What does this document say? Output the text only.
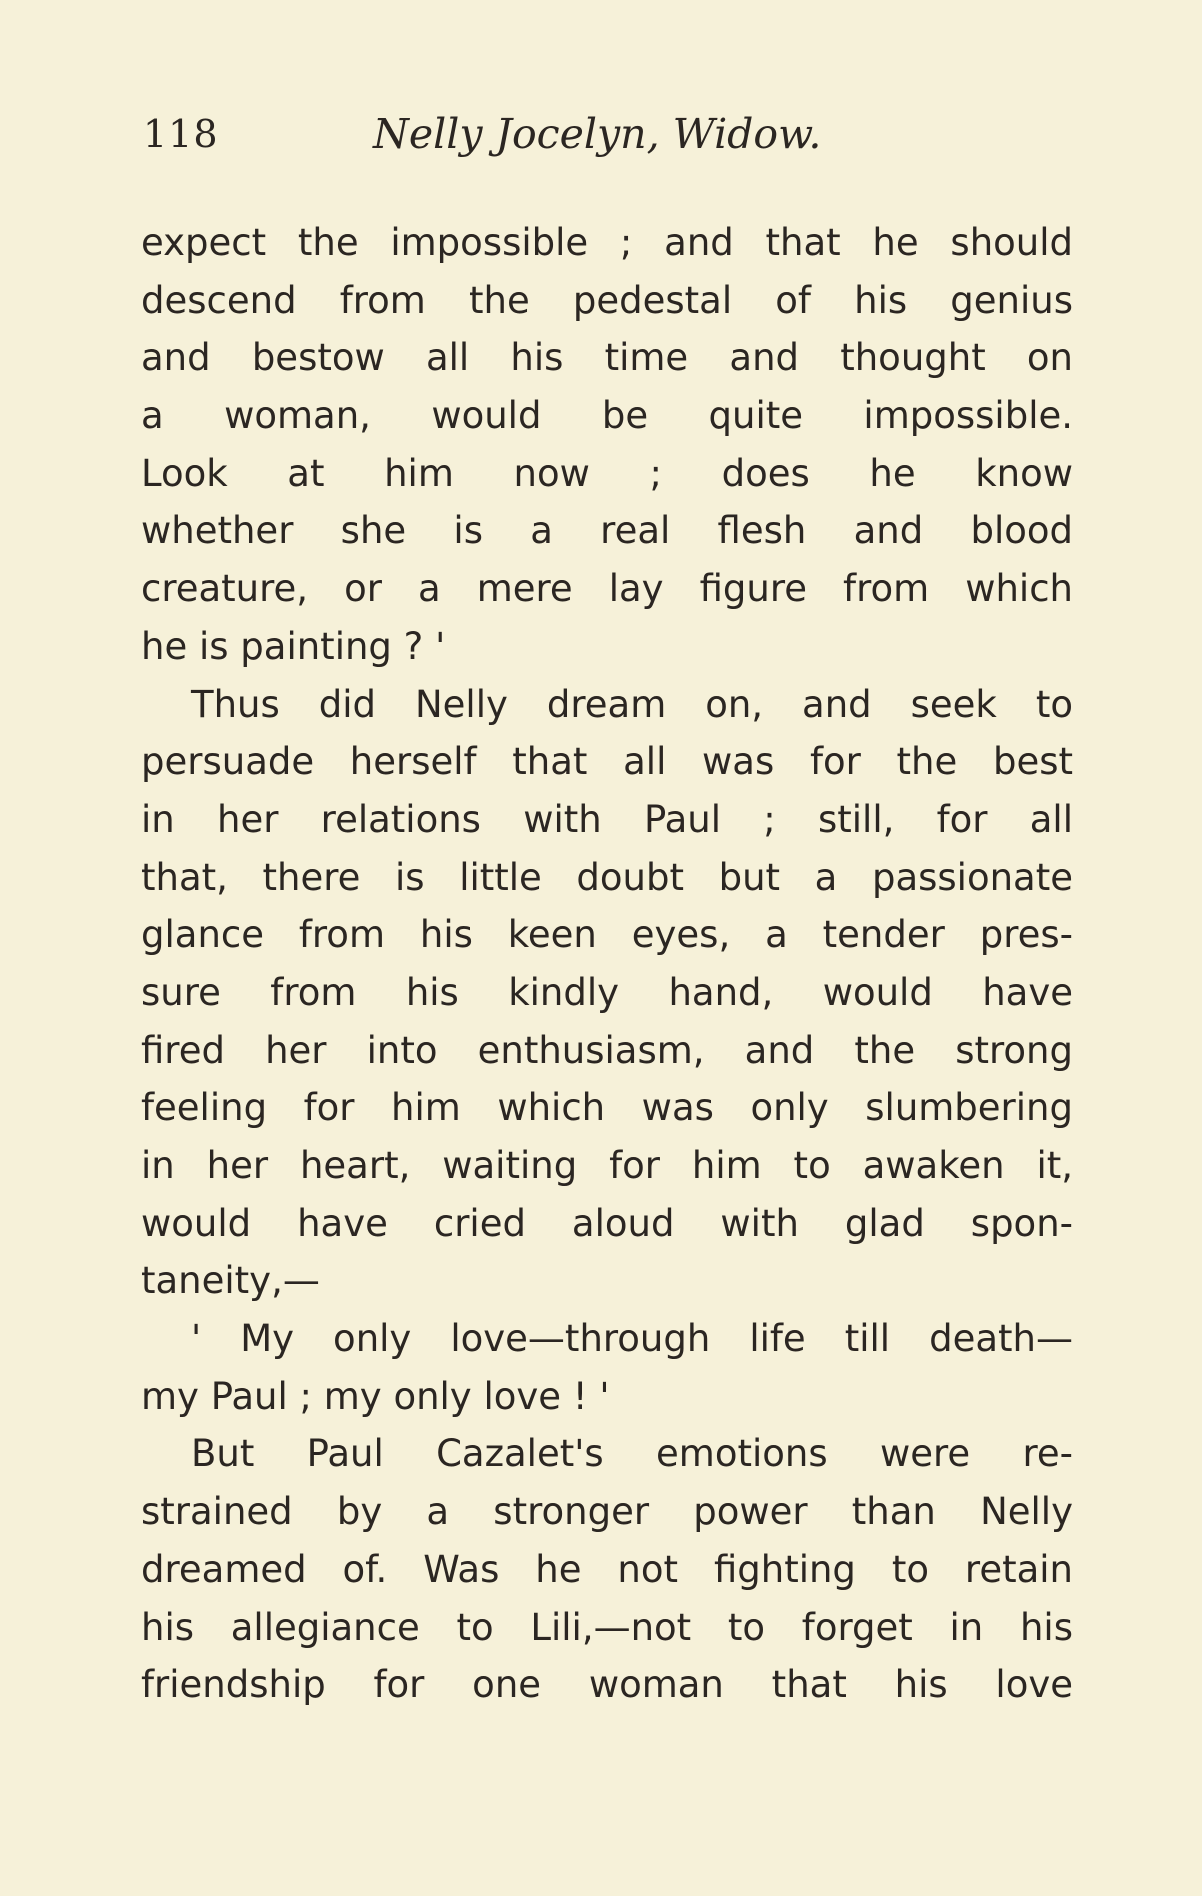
118	Nelly Jocelyn, Widow.
expect the impossible ; and that he should
descend from the pedestal of his genius
and bestow all his time and thought on
a woman, would be quite impossible.
Look at him now ; does he know
whether she is a real flesh and blood
creature, or a mere lay figure from which
he is painting ? '
Thus did Nelly dream on, and seek to
persuade herself that all was for the best
in her relations with Paul ; still, for all
that, there is little doubt but a passionate
glance from his keen eyes, a tender pres-
sure from his kindly hand, would have
fired her into enthusiasm, and the strong
feeling for him which was only slumbering
in her heart, waiting for him to awaken it,
would have cried aloud with glad spon-
taneity,—
' My only love—through life till death—
my Paul ; my only love ! '
But Paul Cazalet's emotions were re-
strained by a stronger power than Nelly
dreamed of. Was he not fighting to retain
his allegiance to Lili,—not to forget in his
friendship for one woman that his love
